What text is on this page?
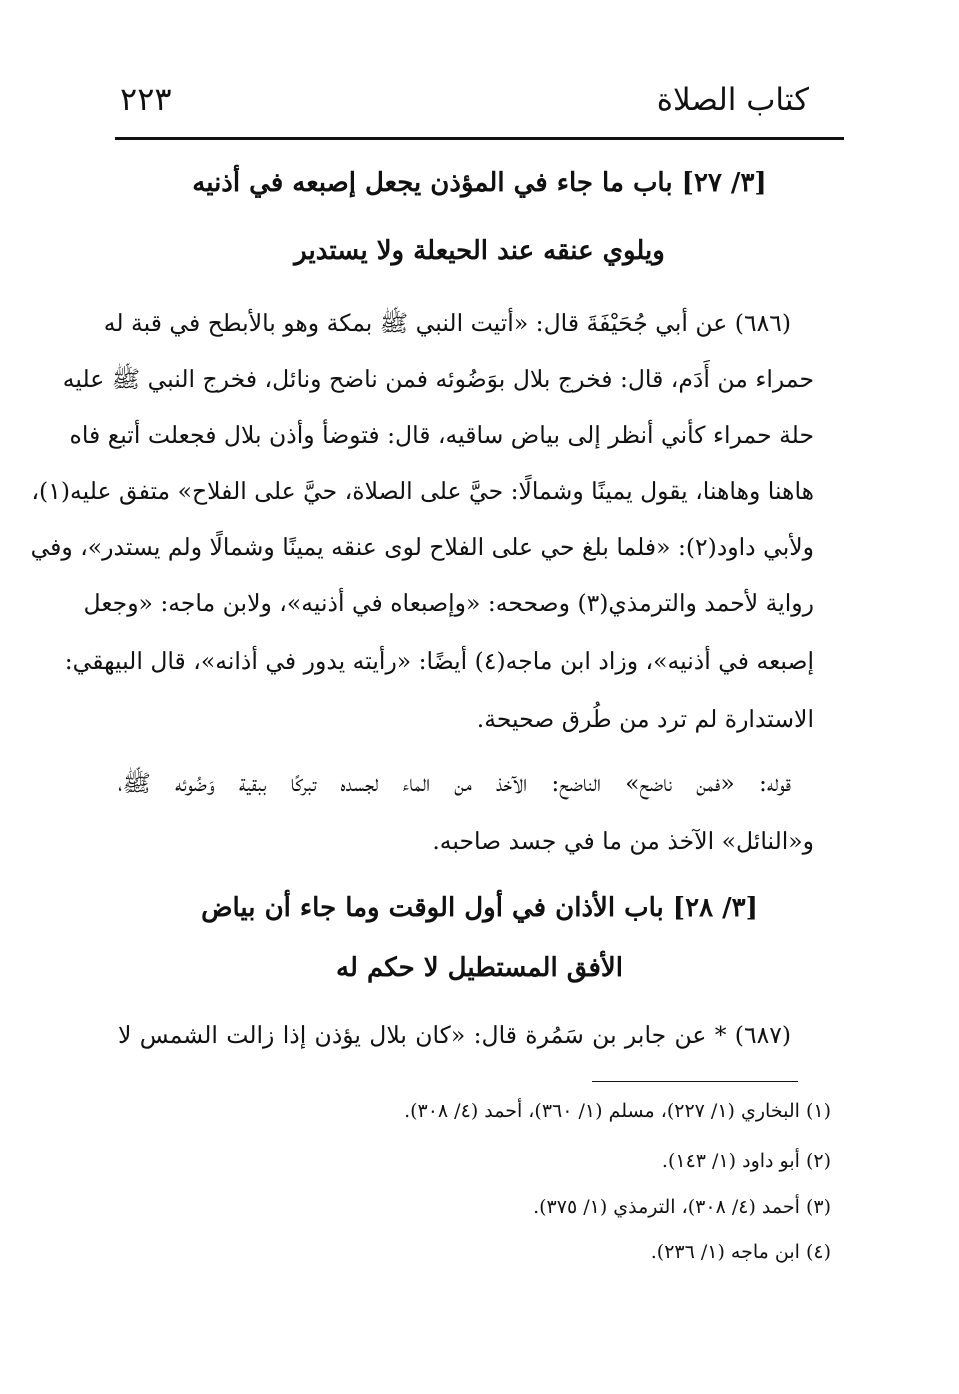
كتاب الصلاة
٢٢٣
[٣/ ٢٧] باب ما جاء في المؤذن يجعل إصبعه في أذنيه
ويلوي عنقه عند الحيعلة ولا يستدير
(٦٨٦) عن أبي جُحَيْفَةَ قال: «أتيت النبي ﷺ بمكة وهو بالأبطح في قبة له
حمراء من أَدَم، قال: فخرج بلال بوَضُوئه فمن ناضح ونائل، فخرج النبي ﷺ عليه
حلة حمراء كأني أنظر إلى بياض ساقيه، قال: فتوضأ وأذن بلال فجعلت أتبع فاه
هاهنا وهاهنا، يقول يمينًا وشمالًا: حيَّ على الصلاة، حيَّ على الفلاح» متفق عليه(١)،
ولأبي داود(٢): «فلما بلغ حي على الفلاح لوى عنقه يمينًا وشمالًا ولم يستدر»، وفي
رواية لأحمد والترمذي(٣) وصححه: «وإصبعاه في أذنيه»، ولابن ماجه: «وجعل
إصبعه في أذنيه»، وزاد ابن ماجه(٤) أيضًا: «رأيته يدور في أذانه»، قال البيهقي:
الاستدارة لم ترد من طُرق صحيحة.
قوله: «فمن ناضح» الناضح: الآخذ من الماء لجسده تبركًا ببقية وَضُوئه ﷺ،
و«النائل» الآخذ من ما في جسد صاحبه.
[٣/ ٢٨] باب الأذان في أول الوقت وما جاء أن بياض
الأفق المستطيل لا حكم له
(٦٨٧) * عن جابر بن سَمُرة قال: «كان بلال يؤذن إذا زالت الشمس لا
(١) البخاري (١/ ٢٢٧)، مسلم (١/ ٣٦٠)، أحمد (٤/ ٣٠٨).
(٢) أبو داود (١/ ١٤٣).
(٣) أحمد (٤/ ٣٠٨)، الترمذي (١/ ٣٧٥).
(٤) ابن ماجه (١/ ٢٣٦).
